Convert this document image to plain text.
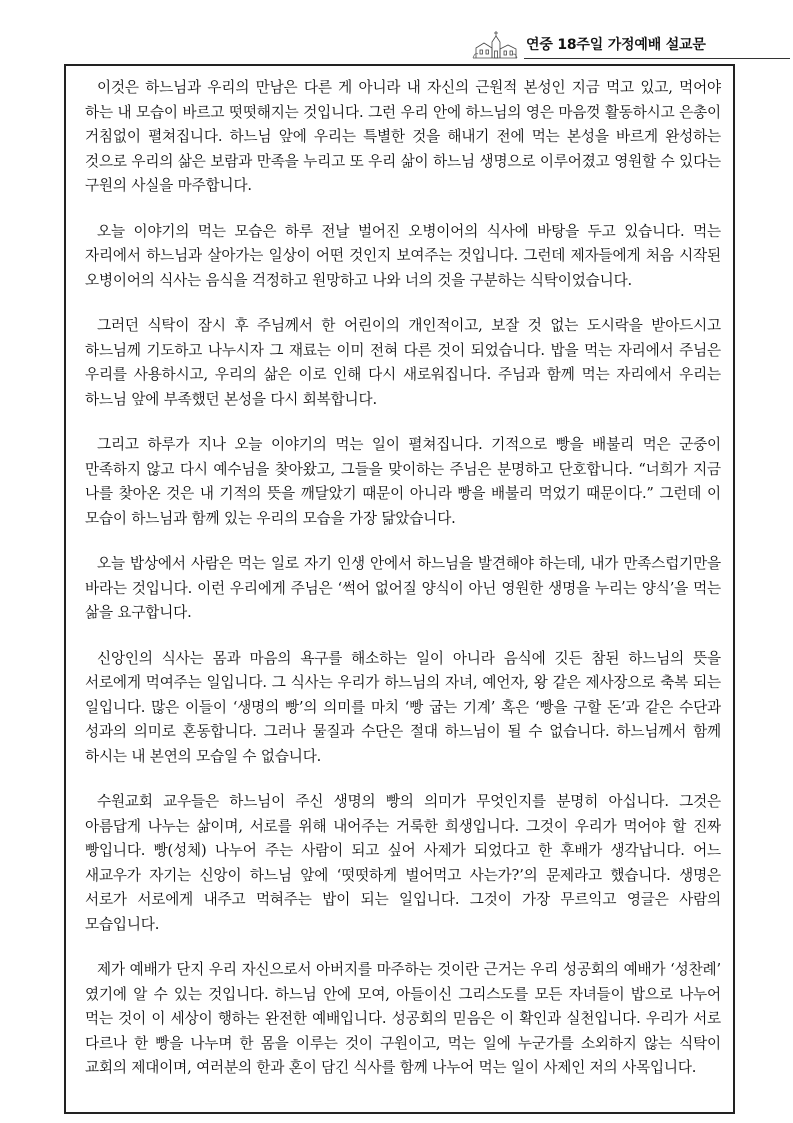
연중 18주일 가정예배 설교문

이것은 하느님과 우리의 만남은 다른 게 아니라 내 자신의 근원적 본성인 지금 먹고 있고, 먹어야 하는 내 모습이 바르고 떳떳해지는 것입니다. 그런 우리 안에 하느님의 영은 마음껏 활동하시고 은총이 거침없이 펼쳐집니다. 하느님 앞에 우리는 특별한 것을 해내기 전에 먹는 본성을 바르게 완성하는 것으로 우리의 삶은 보람과 만족을 누리고 또 우리 삶이 하느님 생명으로 이루어졌고 영원할 수 있다는 구원의 사실을 마주합니다.

오늘 이야기의 먹는 모습은 하루 전날 벌어진 오병이어의 식사에 바탕을 두고 있습니다. 먹는 자리에서 하느님과 살아가는 일상이 어떤 것인지 보여주는 것입니다. 그런데 제자들에게 처음 시작된 오병이어의 식사는 음식을 걱정하고 원망하고 나와 너의 것을 구분하는 식탁이었습니다.

그러던 식탁이 잠시 후 주님께서 한 어린이의 개인적이고, 보잘 것 없는 도시락을 받아드시고 하느님께 기도하고 나누시자 그 재료는 이미 전혀 다른 것이 되었습니다. 밥을 먹는 자리에서 주님은 우리를 사용하시고, 우리의 삶은 이로 인해 다시 새로워집니다. 주님과 함께 먹는 자리에서 우리는 하느님 앞에 부족했던 본성을 다시 회복합니다.

그리고 하루가 지나 오늘 이야기의 먹는 일이 펼쳐집니다. 기적으로 빵을 배불리 먹은 군중이 만족하지 않고 다시 예수님을 찾아왔고, 그들을 맞이하는 주님은 분명하고 단호합니다. “너희가 지금 나를 찾아온 것은 내 기적의 뜻을 깨달았기 때문이 아니라 빵을 배불리 먹었기 때문이다.” 그런데 이 모습이 하느님과 함께 있는 우리의 모습을 가장 닮았습니다.

오늘 밥상에서 사람은 먹는 일로 자기 인생 안에서 하느님을 발견해야 하는데, 내가 만족스럽기만을 바라는 것입니다. 이런 우리에게 주님은 ‘썩어 없어질 양식이 아닌 영원한 생명을 누리는 양식’을 먹는 삶을 요구합니다.

신앙인의 식사는 몸과 마음의 욕구를 해소하는 일이 아니라 음식에 깃든 참된 하느님의 뜻을 서로에게 먹여주는 일입니다. 그 식사는 우리가 하느님의 자녀, 예언자, 왕 같은 제사장으로 축복 되는 일입니다. 많은 이들이 ‘생명의 빵’의 의미를 마치 ‘빵 굽는 기계’ 혹은 ‘빵을 구할 돈’과 같은 수단과 성과의 의미로 혼동합니다. 그러나 물질과 수단은 절대 하느님이 될 수 없습니다. 하느님께서 함께 하시는 내 본연의 모습일 수 없습니다.

수원교회 교우들은 하느님이 주신 생명의 빵의 의미가 무엇인지를 분명히 아십니다. 그것은 아름답게 나누는 삶이며, 서로를 위해 내어주는 거룩한 희생입니다. 그것이 우리가 먹어야 할 진짜 빵입니다. 빵(성체) 나누어 주는 사람이 되고 싶어 사제가 되었다고 한 후배가 생각납니다. 어느 새교우가 자기는 신앙이 하느님 앞에 ‘떳떳하게 벌어먹고 사는가?’의 문제라고 했습니다. 생명은 서로가 서로에게 내주고 먹혀주는 밥이 되는 일입니다. 그것이 가장 무르익고 영글은 사람의 모습입니다.

제가 예배가 단지 우리 자신으로서 아버지를 마주하는 것이란 근거는 우리 성공회의 예배가 ‘성찬례’ 였기에 알 수 있는 것입니다. 하느님 안에 모여, 아들이신 그리스도를 모든 자녀들이 밥으로 나누어 먹는 것이 이 세상이 행하는 완전한 예배입니다. 성공회의 믿음은 이 확인과 실천입니다. 우리가 서로 다르나 한 빵을 나누며 한 몸을 이루는 것이 구원이고, 먹는 일에 누군가를 소외하지 않는 식탁이 교회의 제대이며, 여러분의 한과 혼이 담긴 식사를 함께 나누어 먹는 일이 사제인 저의 사목입니다.
